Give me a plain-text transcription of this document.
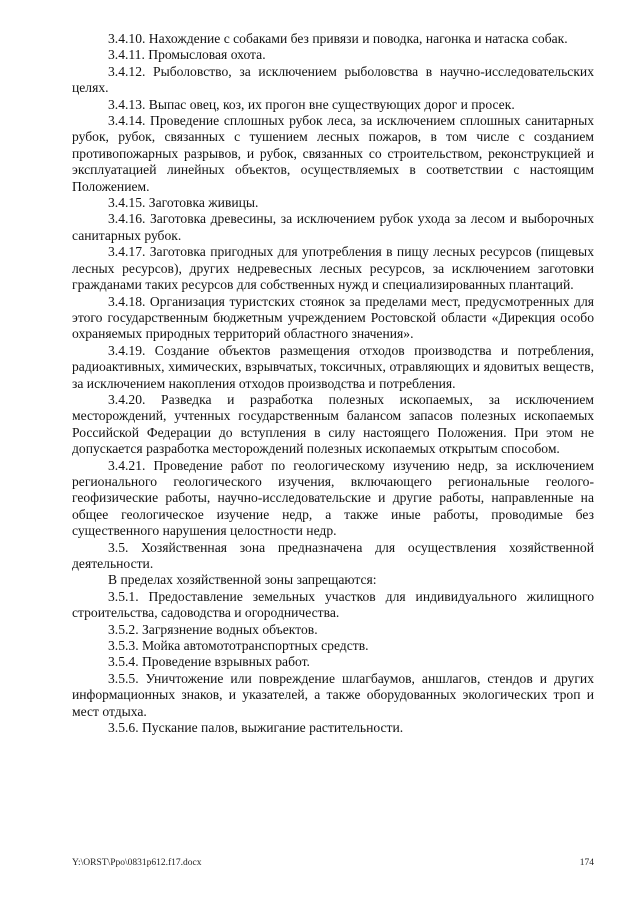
3.4.10. Нахождение с собаками без привязи и поводка, нагонка и натаска собак.

3.4.11. Промысловая охота.

3.4.12. Рыболовство, за исключением рыболовства в научно-исследовательских целях.

3.4.13. Выпас овец, коз, их прогон вне существующих дорог и просек.

3.4.14. Проведение сплошных рубок леса, за исключением сплошных санитарных рубок, рубок, связанных с тушением лесных пожаров, в том числе с созданием противопожарных разрывов, и рубок, связанных со строительством, реконструкцией и эксплуатацией линейных объектов, осуществляемых в соответствии с настоящим Положением.

3.4.15. Заготовка живицы.

3.4.16. Заготовка древесины, за исключением рубок ухода за лесом и выборочных санитарных рубок.

3.4.17. Заготовка пригодных для употребления в пищу лесных ресурсов (пищевых лесных ресурсов), других недревесных лесных ресурсов, за исключением заготовки гражданами таких ресурсов для собственных нужд и специализированных плантаций.

3.4.18. Организация туристских стоянок за пределами мест, предусмотренных для этого государственным бюджетным учреждением Ростовской области «Дирекция особо охраняемых природных территорий областного значения».

3.4.19. Создание объектов размещения отходов производства и потребления, радиоактивных, химических, взрывчатых, токсичных, отравляющих и ядовитых веществ, за исключением накопления отходов производства и потребления.

3.4.20. Разведка и разработка полезных ископаемых, за исключением месторождений, учтенных государственным балансом запасов полезных ископаемых Российской Федерации до вступления в силу настоящего Положения. При этом не допускается разработка месторождений полезных ископаемых открытым способом.

3.4.21. Проведение работ по геологическому изучению недр, за исключением регионального геологического изучения, включающего региональные геолого-геофизические работы, научно-исследовательские и другие работы, направленные на общее геологическое изучение недр, а также иные работы, проводимые без существенного нарушения целостности недр.

3.5. Хозяйственная зона предназначена для осуществления хозяйственной деятельности.

В пределах хозяйственной зоны запрещаются:

3.5.1. Предоставление земельных участков для индивидуального жилищного строительства, садоводства и огородничества.

3.5.2. Загрязнение водных объектов.

3.5.3. Мойка автомототранспортных средств.

3.5.4. Проведение взрывных работ.

3.5.5. Уничтожение или повреждение шлагбаумов, аншлагов, стендов и других информационных знаков, и указателей, а также оборудованных экологических троп и мест отдыха.

3.5.6. Пускание палов, выжигание растительности.

Y:\ORST\Ppo\0831p612.f17.docx	174
